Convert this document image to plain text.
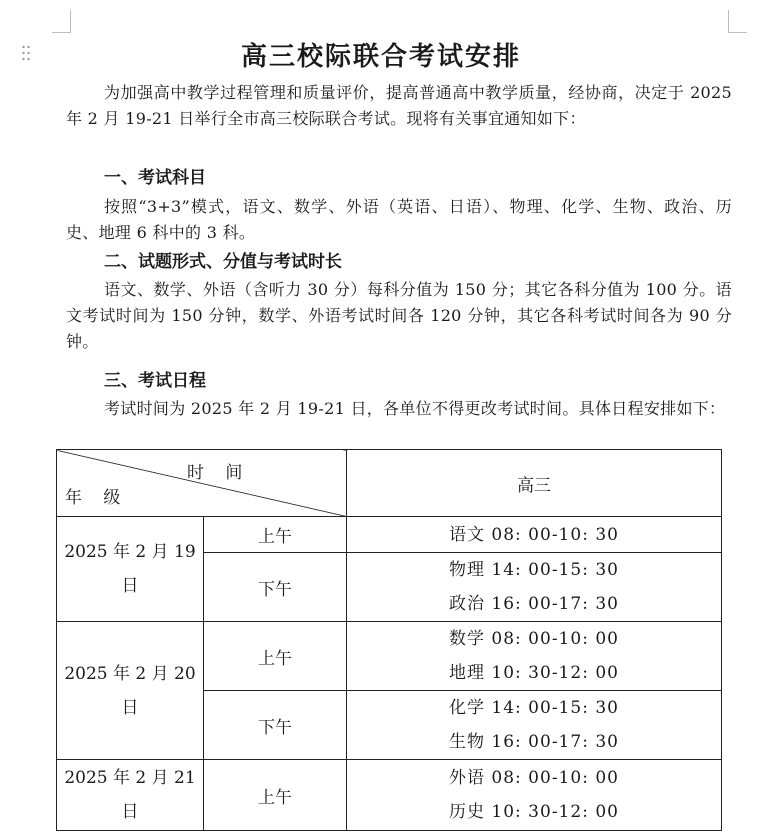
高三校际联合考试安排
为加强高中教学过程管理和质量评价，提高普通高中教学质量，经协商，决定于 2025 年 2 月 19-21 日举行全市高三校际联合考试。现将有关事宜通知如下：
一、考试科目
按照“3+3”模式，语文、数学、外语（英语、日语）、物理、化学、生物、政治、历史、地理 6 科中的 3 科。
二、试题形式、分值与考试时长
语文、数学、外语（含听力 30 分）每科分值为 150 分；其它各科分值为 100 分。语文考试时间为 150 分钟，数学、外语考试时间各 120 分钟，其它各科考试时间各为 90 分钟。
三、考试日程
考试时间为 2025 年 2 月 19-21 日，各单位不得更改考试时间。具体日程安排如下：
时 间
年 级		高三
2025 年 2 月 19 日	上午	语文 08: 00-10: 30

	下午	物理 14: 00-15: 30
政治 16: 00-17: 30

2025 年 2 月 20 日	上午	数学 08: 00-10: 00
地理 10: 30-12: 00

	下午	化学 14: 00-15: 30
生物 16: 00-17: 30

2025 年 2 月 21 日	上午	外语 08: 00-10: 00
历史 10: 30-12: 00
